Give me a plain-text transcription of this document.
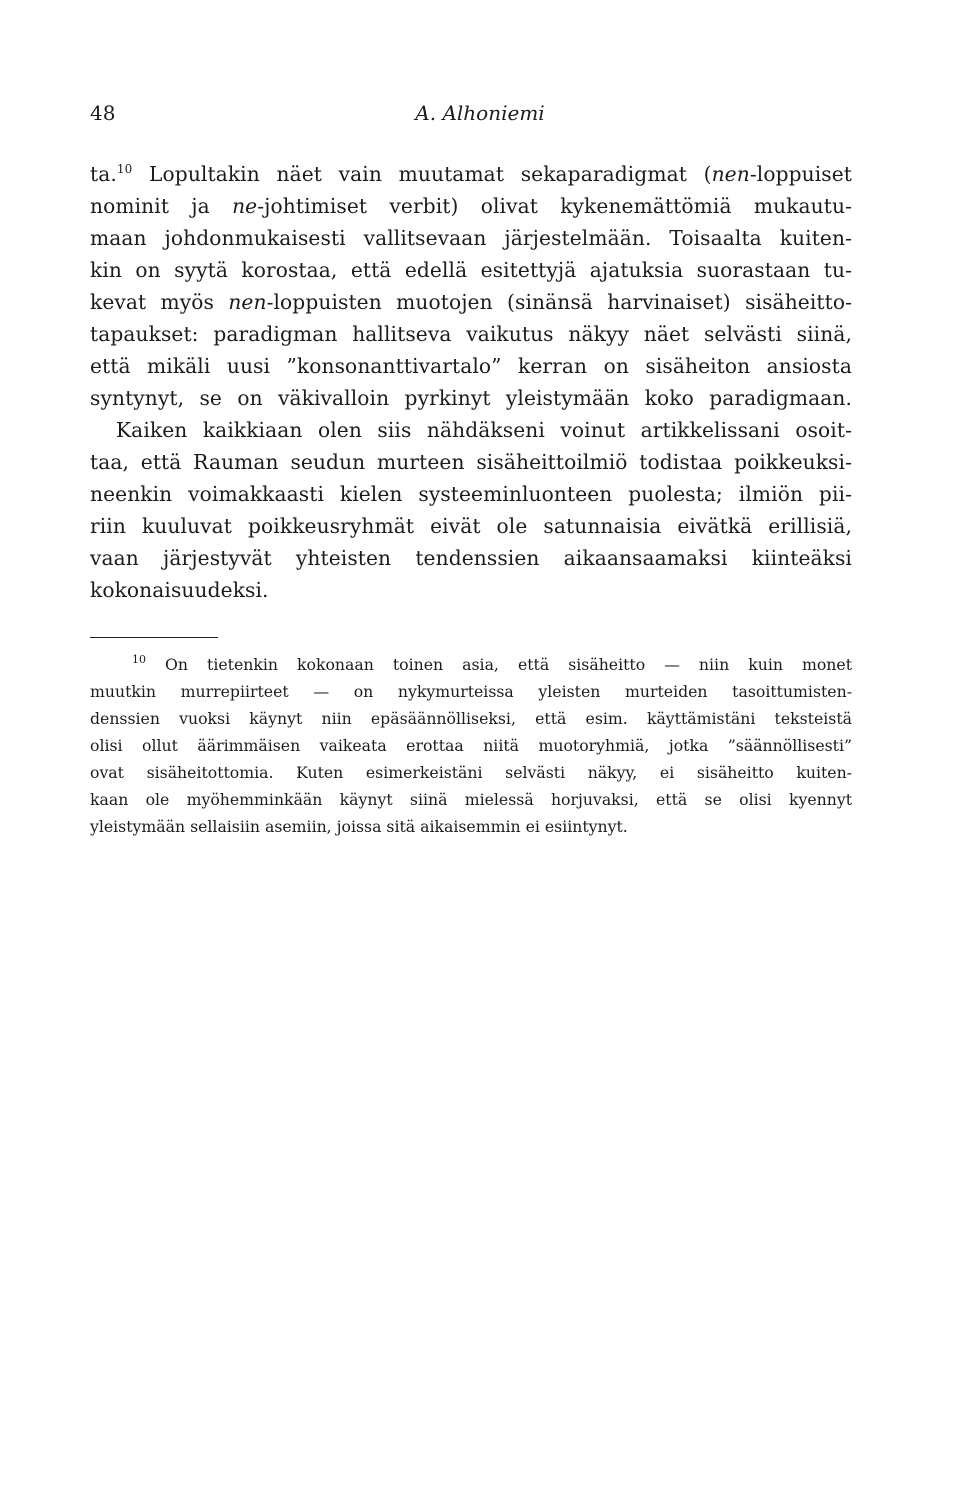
48	A. Alhoniemi
ta.$^{10}$ Lopultakin näet vain muutamat sekaparadigmat (nen-loppuiset
nominit ja ne-johtimiset verbit) olivat kykenemättömiä mukautu-
maan johdonmukaisesti vallitsevaan järjestelmään. Toisaalta kuiten-
kin on syytä korostaa, että edellä esitettyjä ajatuksia suorastaan tu-
kevat myös nen-loppuisten muotojen (sinänsä harvinaiset) sisäheitto-
tapaukset: paradigman hallitseva vaikutus näkyy näet selvästi siinä,
että mikäli uusi ”konsonanttivartalo” kerran on sisäheiton ansiosta
syntynyt, se on väkivalloin pyrkinyt yleistymään koko paradigmaan.
Kaiken kaikkiaan olen siis nähdäkseni voinut artikkelissani osoit-
taa, että Rauman seudun murteen sisäheittoilmiö todistaa poikkeuksi-
neenkin voimakkaasti kielen systeeminluonteen puolesta; ilmiön pii-
riin kuuluvat poikkeusryhmät eivät ole satunnaisia eivätkä erillisiä,
vaan järjestyvät yhteisten tendenssien aikaansaamaksi kiinteäksi
kokonaisuudeksi.
$^{10}$ On tietenkin kokonaan toinen asia, että sisäheitto — niin kuin monet
muutkin murrepiirteet — on nykymurteissa yleisten murteiden tasoittumisten-
denssien vuoksi käynyt niin epäsäännölliseksi, että esim. käyttämistäni teksteistä
olisi ollut äärimmäisen vaikeata erottaa niitä muotoryhmiä, jotka ”säännöllisesti”
ovat sisäheitottomia. Kuten esimerkeistäni selvästi näkyy, ei sisäheitto kuiten-
kaan ole myöhemminkään käynyt siinä mielessä horjuvaksi, että se olisi kyennyt
yleistymään sellaisiin asemiin, joissa sitä aikaisemmin ei esiintynyt.
